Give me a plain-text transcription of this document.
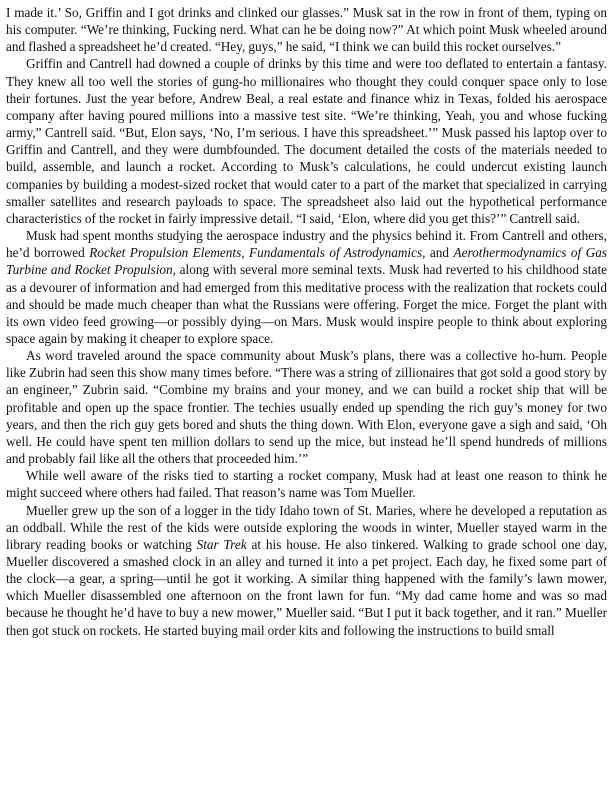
I made it.’ So, Griffin and I got drinks and clinked our glasses.” Musk sat in the row in front of them, typing on his computer. “We’re thinking, Fucking nerd. What can he be doing now?” At which point Musk wheeled around and flashed a spreadsheet he’d created. “Hey, guys,” he said, “I think we can build this rocket ourselves.”

Griffin and Cantrell had downed a couple of drinks by this time and were too deflated to entertain a fantasy. They knew all too well the stories of gung-ho millionaires who thought they could conquer space only to lose their fortunes. Just the year before, Andrew Beal, a real estate and finance whiz in Texas, folded his aerospace company after having poured millions into a massive test site. “We’re thinking, Yeah, you and whose fucking army,” Cantrell said. “But, Elon says, ‘No, I’m serious. I have this spreadsheet.’” Musk passed his laptop over to Griffin and Cantrell, and they were dumbfounded. The document detailed the costs of the materials needed to build, assemble, and launch a rocket. According to Musk’s calculations, he could undercut existing launch companies by building a modest-sized rocket that would cater to a part of the market that specialized in carrying smaller satellites and research payloads to space. The spreadsheet also laid out the hypothetical performance characteristics of the rocket in fairly impressive detail. “I said, ‘Elon, where did you get this?’” Cantrell said.

Musk had spent months studying the aerospace industry and the physics behind it. From Cantrell and others, he’d borrowed Rocket Propulsion Elements, Fundamentals of Astrodynamics, and Aerothermodynamics of Gas Turbine and Rocket Propulsion, along with several more seminal texts. Musk had reverted to his childhood state as a devourer of information and had emerged from this meditative process with the realization that rockets could and should be made much cheaper than what the Russians were offering. Forget the mice. Forget the plant with its own video feed growing—or possibly dying—on Mars. Musk would inspire people to think about exploring space again by making it cheaper to explore space.

As word traveled around the space community about Musk’s plans, there was a collective ho-hum. People like Zubrin had seen this show many times before. “There was a string of zillionaires that got sold a good story by an engineer,” Zubrin said. “Combine my brains and your money, and we can build a rocket ship that will be profitable and open up the space frontier. The techies usually ended up spending the rich guy’s money for two years, and then the rich guy gets bored and shuts the thing down. With Elon, everyone gave a sigh and said, ‘Oh well. He could have spent ten million dollars to send up the mice, but instead he’ll spend hundreds of millions and probably fail like all the others that proceeded him.’”

While well aware of the risks tied to starting a rocket company, Musk had at least one reason to think he might succeed where others had failed. That reason’s name was Tom Mueller.

Mueller grew up the son of a logger in the tidy Idaho town of St. Maries, where he developed a reputation as an oddball. While the rest of the kids were outside exploring the woods in winter, Mueller stayed warm in the library reading books or watching Star Trek at his house. He also tinkered. Walking to grade school one day, Mueller discovered a smashed clock in an alley and turned it into a pet project. Each day, he fixed some part of the clock—a gear, a spring—until he got it working. A similar thing happened with the family’s lawn mower, which Mueller disassembled one afternoon on the front lawn for fun. “My dad came home and was so mad because he thought he’d have to buy a new mower,” Mueller said. “But I put it back together, and it ran.” Mueller then got stuck on rockets. He started buying mail order kits and following the instructions to build small
